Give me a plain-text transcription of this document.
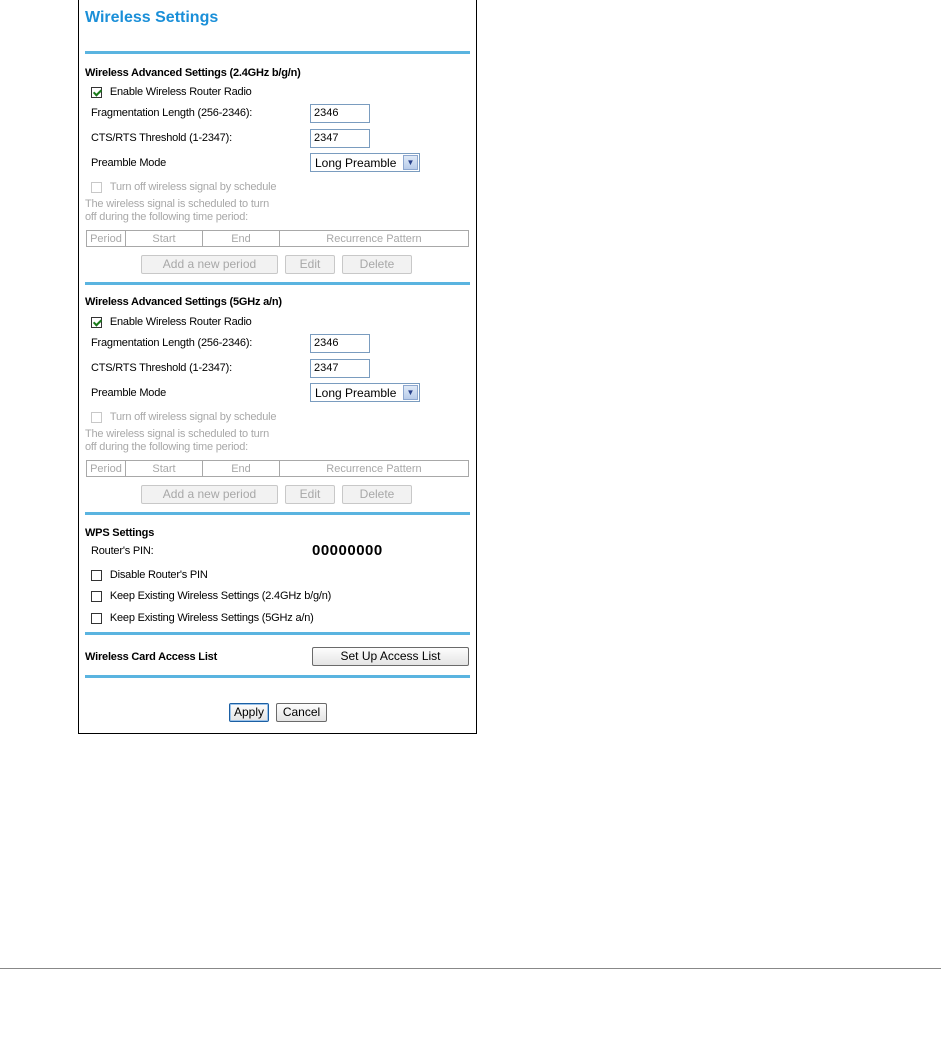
Wireless Settings
Wireless Advanced Settings (2.4GHz b/g/n)
Enable Wireless Router Radio
Fragmentation Length (256-2346):	2346
CTS/RTS Threshold (1-2347):	2347
Preamble Mode	Long Preamble	▼
Turn off wireless signal by schedule
The wireless signal is scheduled to turn
off during the following time period:
Period	Start	End	Recurrence Pattern
Add a new period	Edit	Delete
Wireless Advanced Settings (5GHz a/n)
Enable Wireless Router Radio
Fragmentation Length (256-2346):	2346
CTS/RTS Threshold (1-2347):	2347
Preamble Mode	Long Preamble	▼
Turn off wireless signal by schedule
The wireless signal is scheduled to turn
off during the following time period:
Period	Start	End	Recurrence Pattern
Add a new period	Edit	Delete
WPS Settings
Router's PIN:	00000000
Disable Router's PIN
Keep Existing Wireless Settings (2.4GHz b/g/n)
Keep Existing Wireless Settings (5GHz a/n)
Wireless Card Access List	Set Up Access List
Apply	Cancel
